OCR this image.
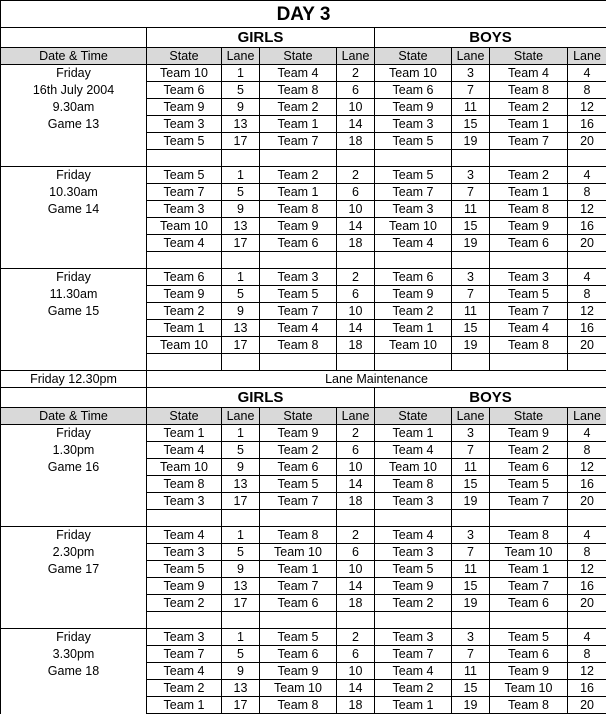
DAY 3								
	GIRLS				BOYS			
Date & Time	State	Lane	State	Lane	State	Lane	State	Lane
Friday	Team 10	1	Team 4	2	Team 10	3	Team 4	4
16th July 2004	Team 6	5	Team 8	6	Team 6	7	Team 8	8
9.30am	Team 9	9	Team 2	10	Team 9	11	Team 2	12
Game 13	Team 3	13	Team 1	14	Team 3	15	Team 1	16
	Team 5	17	Team 7	18	Team 5	19	Team 7	20

Friday	Team 5	1	Team 2	2	Team 5	3	Team 2	4
10.30am	Team 7	5	Team 1	6	Team 7	7	Team 1	8
Game 14	Team 3	9	Team 8	10	Team 3	11	Team 8	12
	Team 10	13	Team 9	14	Team 10	15	Team 9	16
	Team 4	17	Team 6	18	Team 4	19	Team 6	20

Friday	Team 6	1	Team 3	2	Team 6	3	Team 3	4
11.30am	Team 9	5	Team 5	6	Team 9	7	Team 5	8
Game 15	Team 2	9	Team 7	10	Team 2	11	Team 7	12
	Team 1	13	Team 4	14	Team 1	15	Team 4	16
	Team 10	17	Team 8	18	Team 10	19	Team 8	20

Friday 12.30pm	Lane Maintenance							
	GIRLS				BOYS			
Date & Time	State	Lane	State	Lane	State	Lane	State	Lane
Friday	Team 1	1	Team 9	2	Team 1	3	Team 9	4
1.30pm	Team 4	5	Team 2	6	Team 4	7	Team 2	8
Game 16	Team 10	9	Team 6	10	Team 10	11	Team 6	12
	Team 8	13	Team 5	14	Team 8	15	Team 5	16
	Team 3	17	Team 7	18	Team 3	19	Team 7	20

Friday	Team 4	1	Team 8	2	Team 4	3	Team 8	4
2.30pm	Team 3	5	Team 10	6	Team 3	7	Team 10	8
Game 17	Team 5	9	Team 1	10	Team 5	11	Team 1	12
	Team 9	13	Team 7	14	Team 9	15	Team 7	16
	Team 2	17	Team 6	18	Team 2	19	Team 6	20

Friday	Team 3	1	Team 5	2	Team 3	3	Team 5	4
3.30pm	Team 7	5	Team 6	6	Team 7	7	Team 6	8
Game 18	Team 4	9	Team 9	10	Team 4	11	Team 9	12
	Team 2	13	Team 10	14	Team 2	15	Team 10	16
	Team 1	17	Team 8	18	Team 1	19	Team 8	20
